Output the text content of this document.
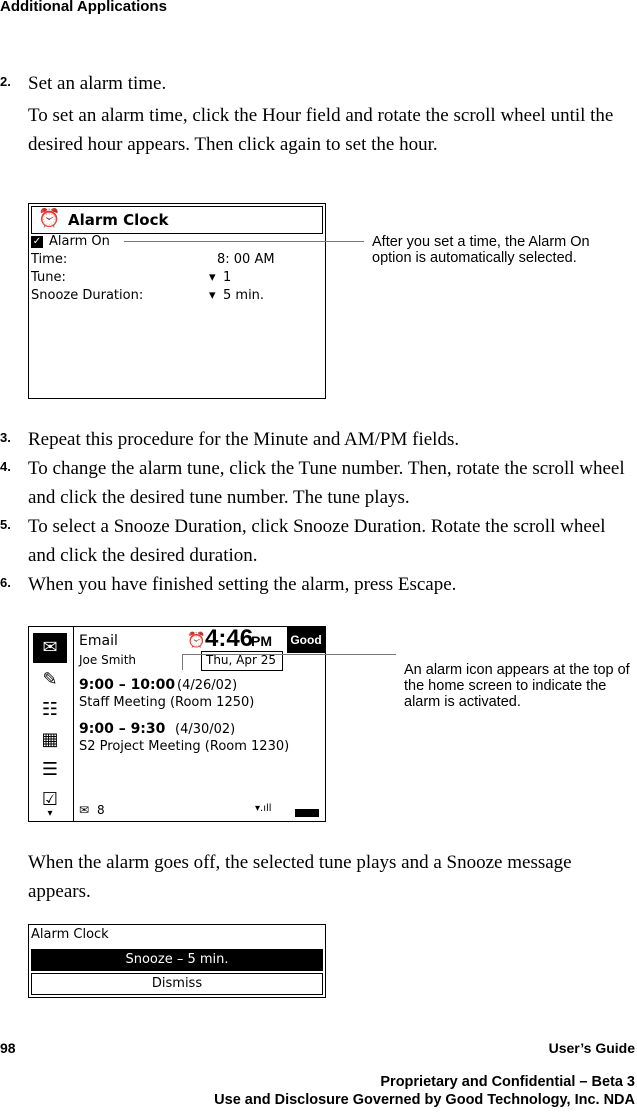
Additional Applications
2. Set an alarm time.
To set an alarm time, click the Hour field and rotate the scroll wheel until the desired hour appears. Then click again to set the hour.
⏰ Alarm Clock
✓ Alarm On
Time:	8: 00 AM
Tune:	▾ 1
Snooze Duration:	▾ 5 min.
After you set a time, the Alarm On option is automatically selected.
3. Repeat this procedure for the Minute and AM/PM fields.
4. To change the alarm tune, click the Tune number. Then, rotate the scroll wheel and click the desired tune number. The tune plays.
5. To select a Snooze Duration, click Snooze Duration. Rotate the scroll wheel and click the desired duration.
6. When you have finished setting the alarm, press Escape.
✉
✎
☷
▦
☰
☑
▾
Email
Joe Smith
⏰ 4:46
PM Good
Thu, Apr 25
9:00 – 10:00 (4/26/02)
Staff Meeting (Room 1250)
9:00 – 9:30 (4/30/02)
S2 Project Meeting (Room 1230)
✉ 8	▾.ıll
An alarm icon appears at the top of the home screen to indicate the alarm is activated.
When the alarm goes off, the selected tune plays and a Snooze message appears.
Alarm Clock
Snooze – 5 min.
Dismiss
98	User’s Guide
Proprietary and Confidential – Beta 3
Use and Disclosure Governed by Good Technology, Inc. NDA
